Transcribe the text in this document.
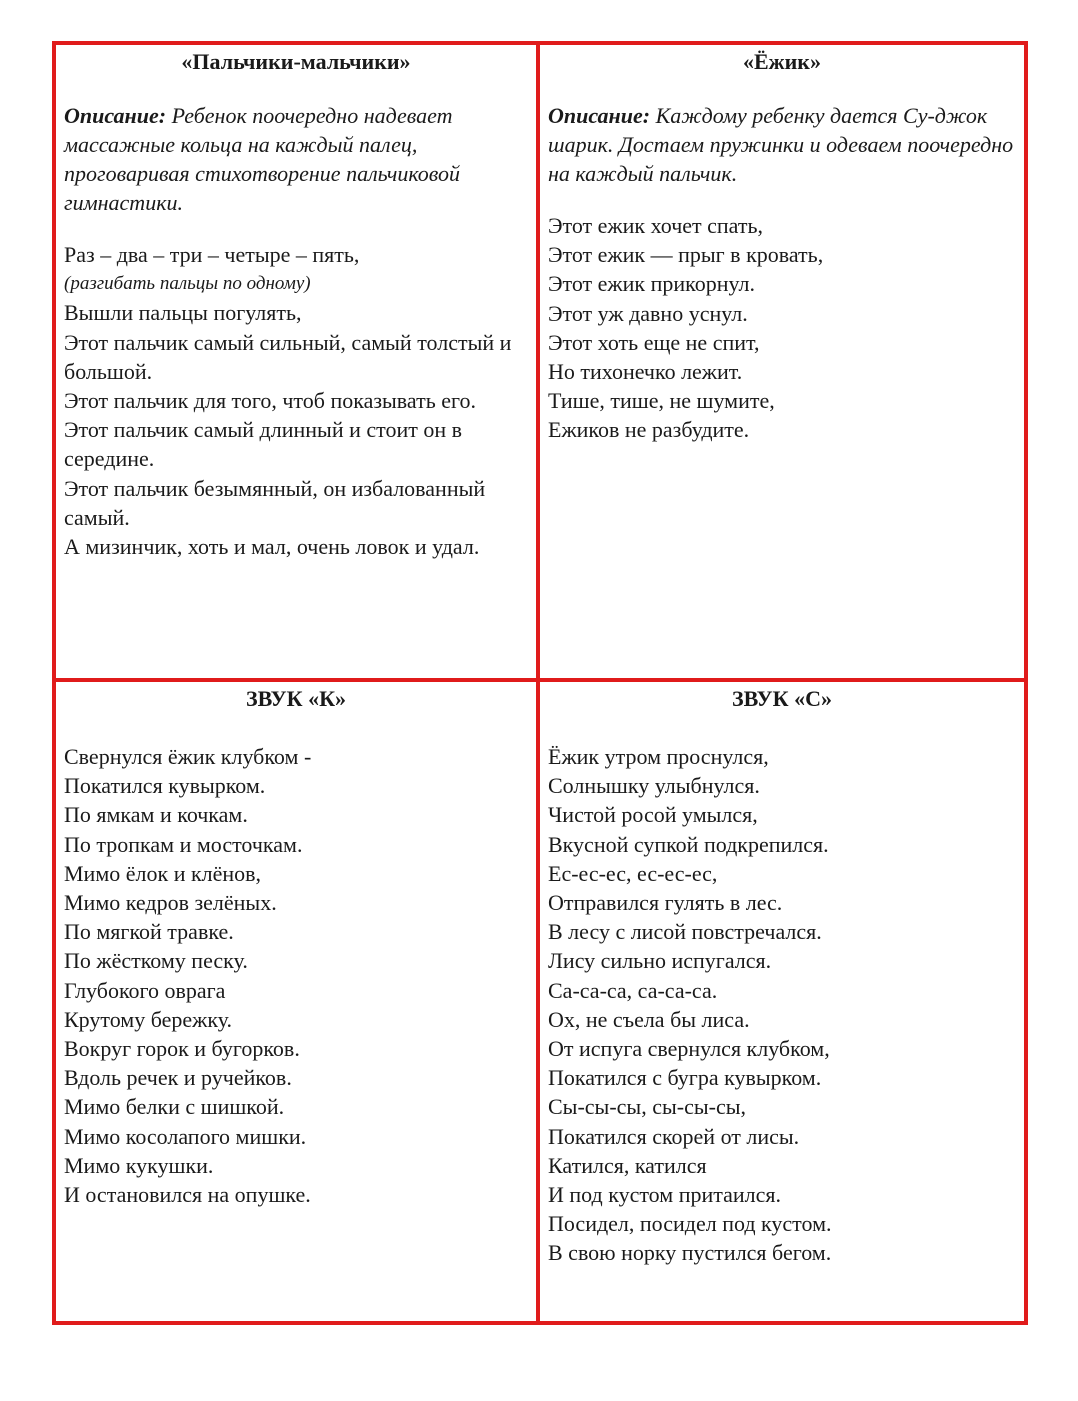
«Пальчики-мальчики»
Описание: Ребенок поочередно надевает массажные кольца на каждый палец, проговаривая стихотворение пальчиковой гимнастики.
Раз – два – три – четыре – пять,
(разгибать пальцы по одному)
Вышли пальцы погулять,
Этот пальчик самый сильный, самый толстый и большой.
Этот пальчик для того, чтоб показывать его.
Этот пальчик самый длинный и стоит он в середине.
Этот пальчик безымянный, он избалованный самый.
А мизинчик, хоть и мал, очень ловок и удал.
«Ёжик»
Описание: Каждому ребенку дается Су-джок шарик. Достаем пружинки и одеваем поочередно на каждый пальчик.
Этот ежик хочет спать,
Этот ежик — прыг в кровать,
Этот ежик прикорнул.
Этот уж давно уснул.
Этот хоть еще не спит,
Но тихонечко лежит.
Тише, тише, не шумите,
Ежиков не разбудите.
ЗВУК «К»
Свернулся ёжик клубком -
Покатился кувырком.
По ямкам и кочкам.
По тропкам и мосточкам.
Мимо ёлок и клёнов,
Мимо кедров зелёных.
По мягкой травке.
По жёсткому песку.
Глубокого оврага
Крутому бережку.
Вокруг горок и бугорков.
Вдоль речек и ручейков.
Мимо белки с шишкой.
Мимо косолапого мишки.
Мимо кукушки.
И остановился на опушке.
ЗВУК «С»
Ёжик утром проснулся,
Солнышку улыбнулся.
Чистой росой умылся,
Вкусной супкой подкрепился.
Ес-ес-ес, ес-ес-ес,
Отправился гулять в лес.
В лесу с лисой повстречался.
Лису сильно испугался.
Са-са-са, са-са-са.
Ох, не съела бы лиса.
От испуга свернулся клубком,
Покатился с бугра кувырком.
Сы-сы-сы, сы-сы-сы,
Покатился скорей от лисы.
Катился, катился
И под кустом притаился.
Посидел, посидел под кустом.
В свою норку пустился бегом.
